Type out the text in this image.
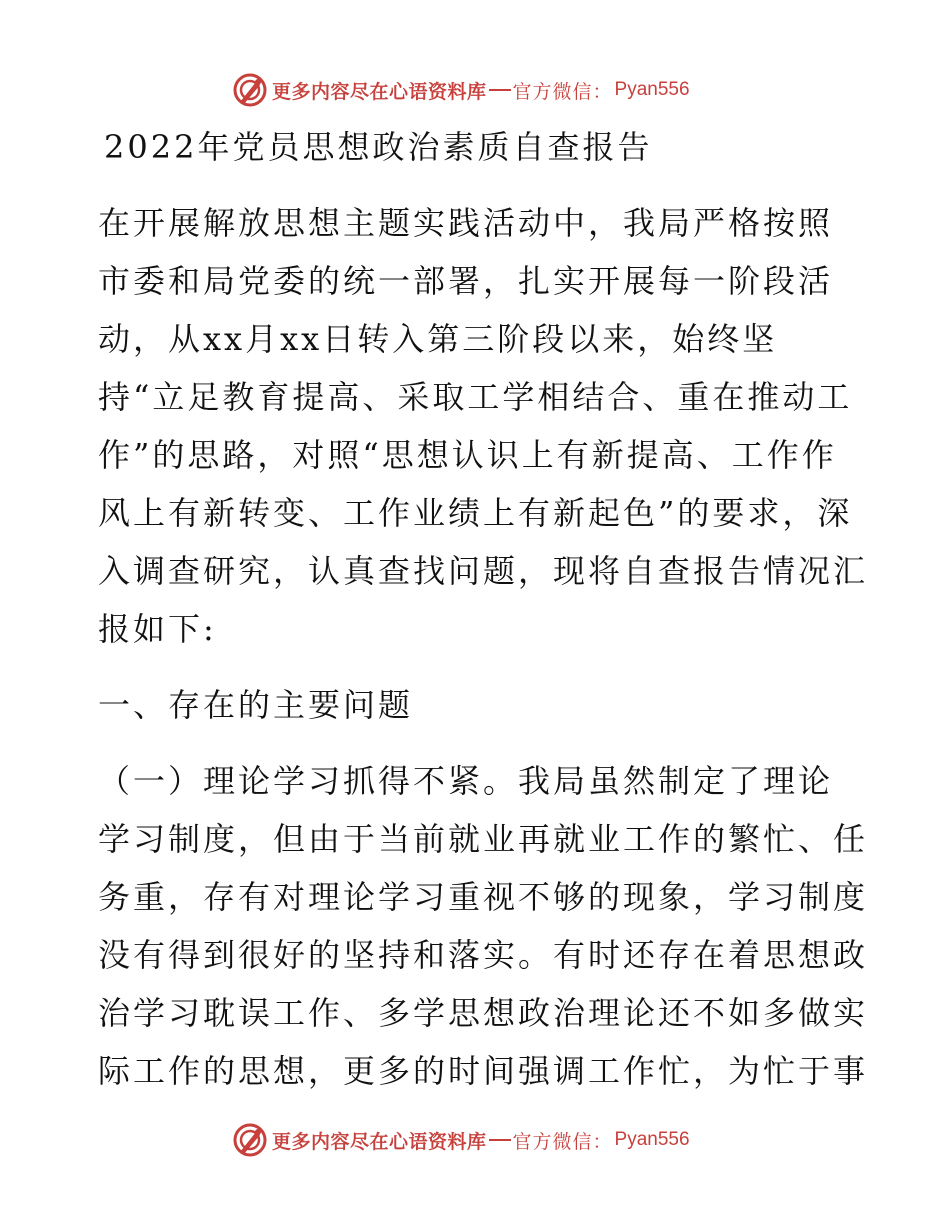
更多内容尽在心语资料库 官方微信： Pyan556
2022年党员思想政治素质自查报告
在开展解放思想主题实践活动中，我局严格按照
市委和局党委的统一部署，扎实开展每一阶段活
动，从xx月xx日转入第三阶段以来，始终坚
持“立足教育提高、采取工学相结合、重在推动工
作”的思路，对照“思想认识上有新提高、工作作
风上有新转变、工作业绩上有新起色”的要求，深
入调查研究，认真查找问题，现将自查报告情况汇
报如下:
一、存在的主要问题
（一）理论学习抓得不紧。我局虽然制定了理论
学习制度，但由于当前就业再就业工作的繁忙、任
务重，存有对理论学习重视不够的现象，学习制度
没有得到很好的坚持和落实。有时还存在着思想政
治学习耽误工作、多学思想政治理论还不如多做实
际工作的思想，更多的时间强调工作忙，为忙于事
更多内容尽在心语资料库 官方微信： Pyan556
